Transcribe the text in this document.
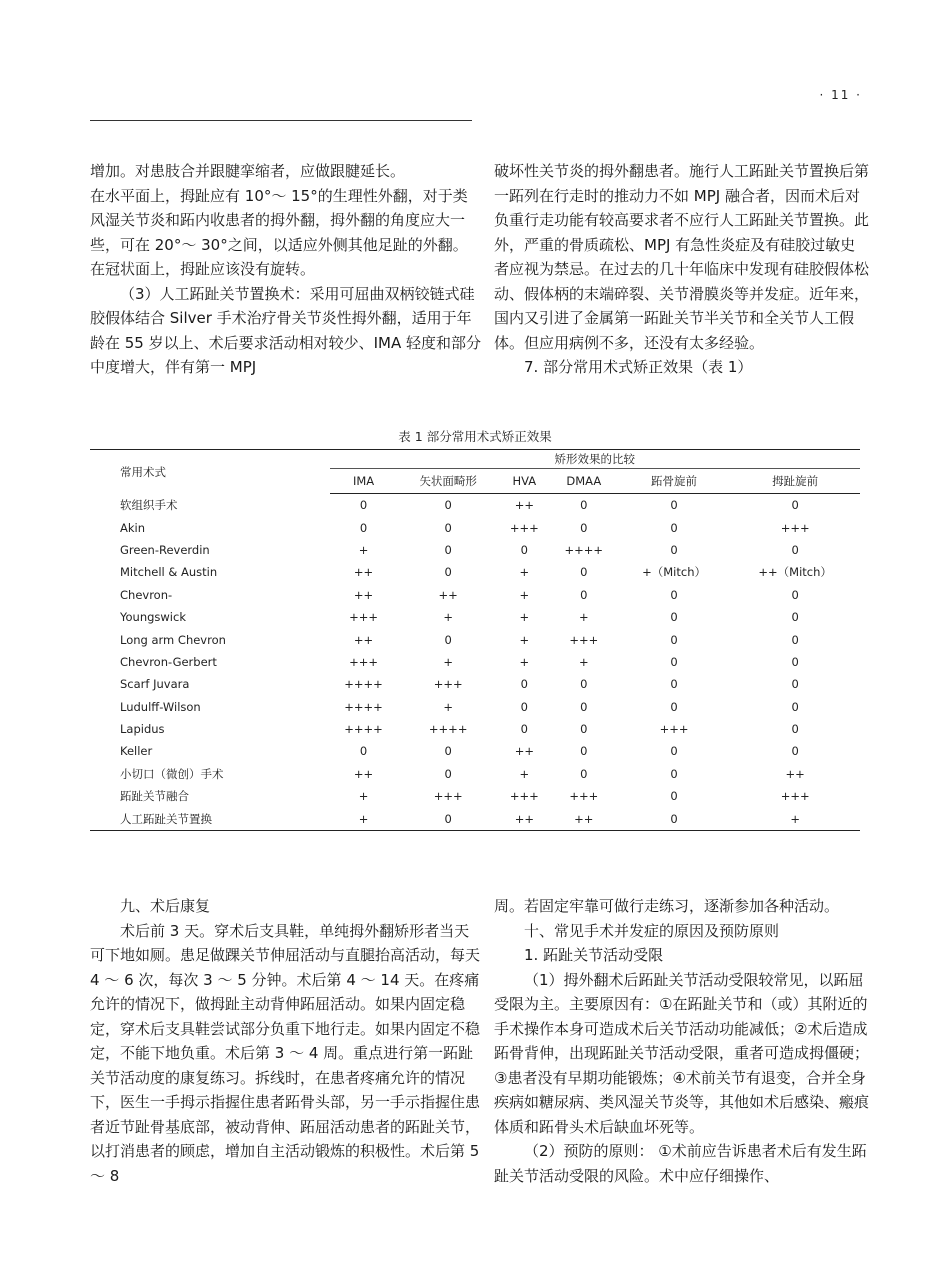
· 11 ·

增加。对患肢合并跟腱挛缩者，应做跟腱延长。

在水平面上，拇趾应有 10°～ 15°的生理性外翻，对于类风湿关节炎和跖内收患者的拇外翻，拇外翻的角度应大一些，可在 20°～ 30°之间，以适应外侧其他足趾的外翻。在冠状面上，拇趾应该没有旋转。

（3）人工跖趾关节置换术：采用可屈曲双柄铰链式硅胶假体结合 Silver 手术治疗骨关节炎性拇外翻，适用于年龄在 55 岁以上、术后要求活动相对较少、IMA 轻度和部分中度增大，伴有第一 MPJ

破坏性关节炎的拇外翻患者。施行人工跖趾关节置换后第一跖列在行走时的推动力不如 MPJ 融合者，因而术后对负重行走功能有较高要求者不应行人工跖趾关节置换。此外，严重的骨质疏松、MPJ 有急性炎症及有硅胶过敏史者应视为禁忌。在过去的几十年临床中发现有硅胶假体松动、假体柄的末端碎裂、关节滑膜炎等并发症。近年来，国内又引进了金属第一跖趾关节半关节和全关节人工假体。但应用病例不多，还没有太多经验。

7. 部分常用术式矫正效果（表 1）

表 1 部分常用术式矫正效果
常用术式	矫形效果的比较					
	IMA	矢状面畸形	HVA	DMAA	跖骨旋前	拇趾旋前
软组织手术	0	0	++	0	0	0
Akin	0	0	+++	0	0	+++
Green-Reverdin	+	0	0	++++	0	0
Mitchell & Austin	++	0	+	0	+（Mitch）	++（Mitch）
Chevron-	++	++	+	0	0	0
Youngswick	+++	+	+	+	0	0
Long arm Chevron	++	0	+	+++	0	0
Chevron-Gerbert	+++	+	+	+	0	0
Scarf Juvara	++++	+++	0	0	0	0
Ludulff-Wilson	++++	+	0	0	0	0
Lapidus	++++	++++	0	0	+++	0
Keller	0	0	++	0	0	0
小切口（微创）手术	++	0	+	0	0	++
跖趾关节融合	+	+++	+++	+++	0	+++
人工跖趾关节置换	+	0	++	++	0	+

九、术后康复

术后前 3 天。穿术后支具鞋，单纯拇外翻矫形者当天可下地如厕。患足做踝关节伸屈活动与直腿抬高活动，每天 4 ～ 6 次，每次 3 ～ 5 分钟。术后第 4 ～ 14 天。在疼痛允许的情况下，做拇趾主动背伸跖屈活动。如果内固定稳定，穿术后支具鞋尝试部分负重下地行走。如果内固定不稳定，不能下地负重。术后第 3 ～ 4 周。重点进行第一跖趾关节活动度的康复练习。拆线时，在患者疼痛允许的情况下，医生一手拇示指握住患者跖骨头部，另一手示指握住患者近节趾骨基底部，被动背伸、跖屈活动患者的跖趾关节，以打消患者的顾虑，增加自主活动锻炼的积极性。术后第 5 ～ 8

周。若固定牢靠可做行走练习，逐渐参加各种活动。

十、常见手术并发症的原因及预防原则

1. 跖趾关节活动受限

（1）拇外翻术后跖趾关节活动受限较常见，以跖屈受限为主。主要原因有：①在跖趾关节和（或）其附近的手术操作本身可造成术后关节活动功能减低；②术后造成跖骨背伸，出现跖趾关节活动受限，重者可造成拇僵硬；③患者没有早期功能锻炼；④术前关节有退变，合并全身疾病如糖尿病、类风湿关节炎等，其他如术后感染、瘢痕体质和跖骨头术后缺血坏死等。

（2）预防的原则： ①术前应告诉患者术后有发生跖趾关节活动受限的风险。术中应仔细操作、
